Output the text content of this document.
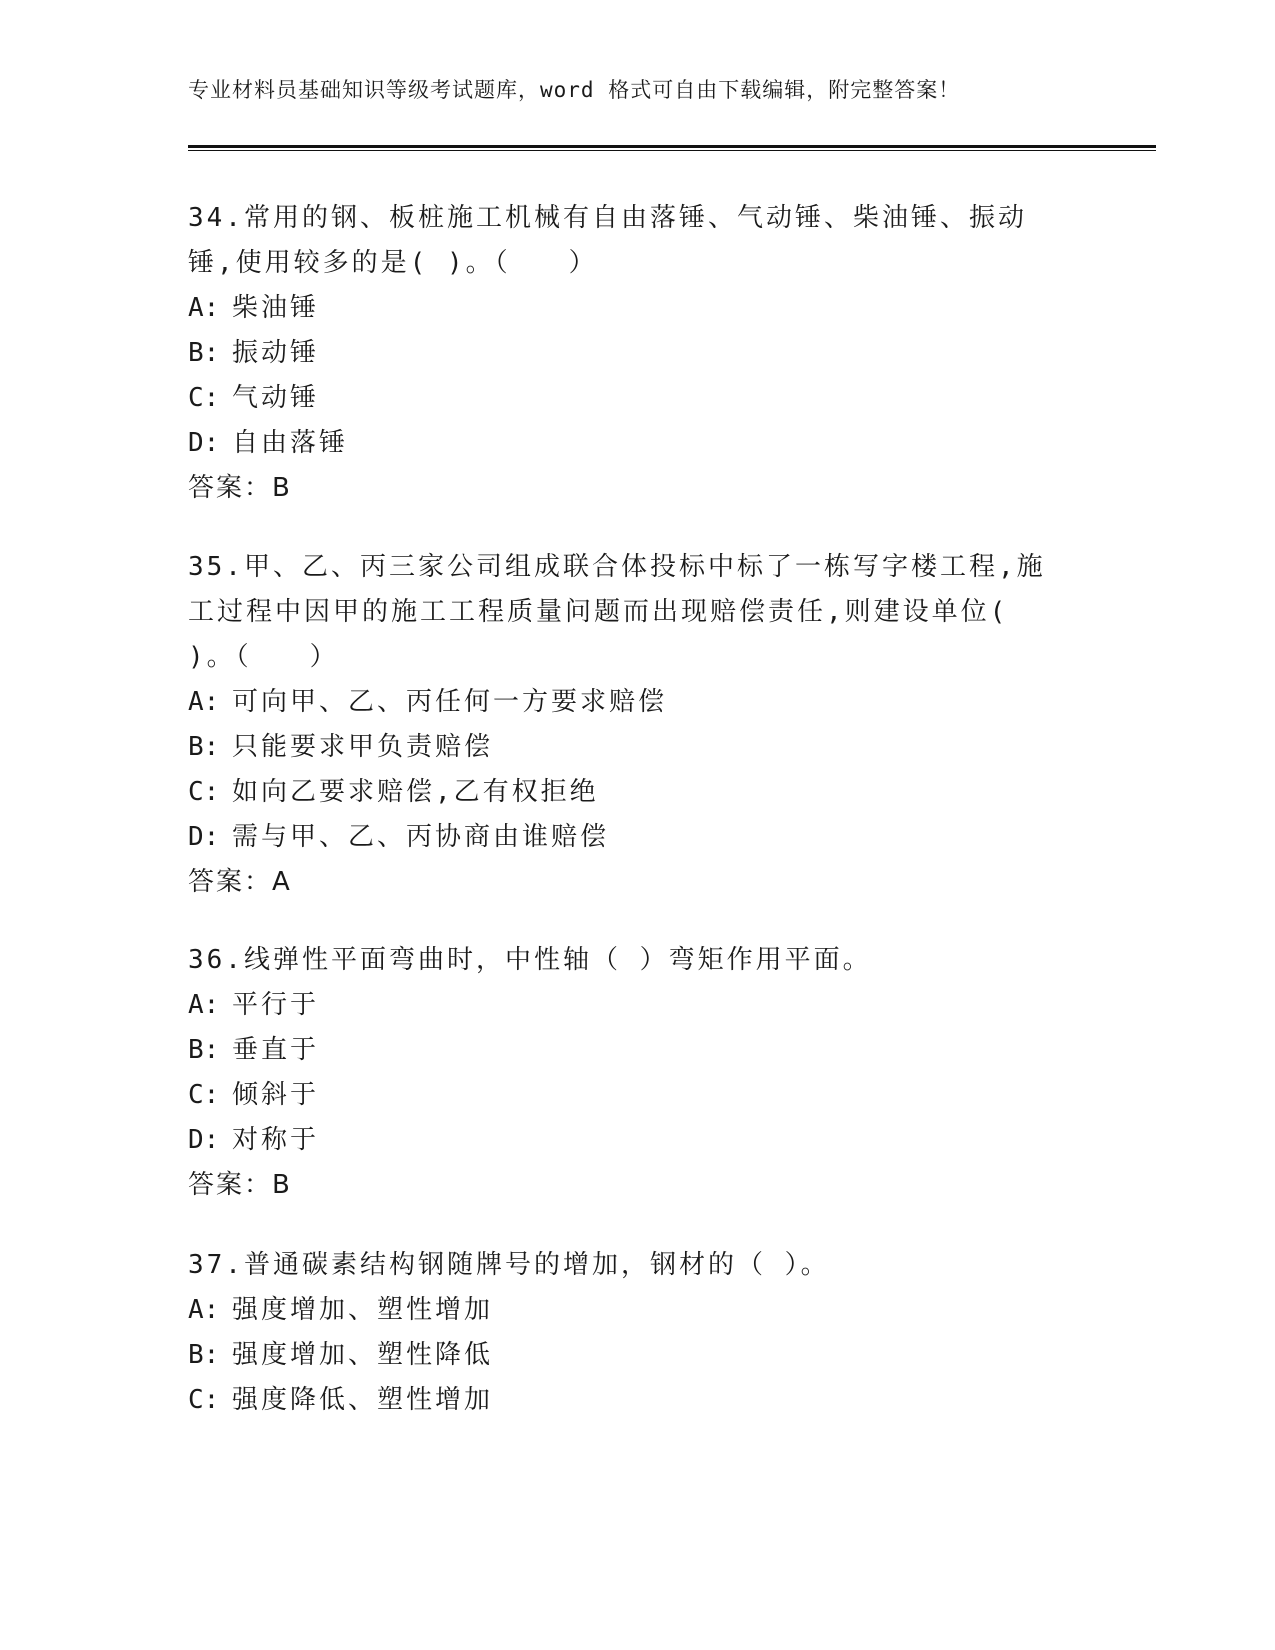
专业材料员基础知识等级考试题库，word 格式可自由下载编辑，附完整答案！

34.常用的钢、板桩施工机械有自由落锤、气动锤、柴油锤、振动锤,使用较多的是( )。（　　）

A: 柴油锤
B: 振动锤
C: 气动锤
D: 自由落锤
答案：B

35.甲、乙、丙三家公司组成联合体投标中标了一栋写字楼工程,施工过程中因甲的施工工程质量问题而出现赔偿责任,则建设单位( )。（　　）

A: 可向甲、乙、丙任何一方要求赔偿
B: 只能要求甲负责赔偿
C: 如向乙要求赔偿,乙有权拒绝
D: 需与甲、乙、丙协商由谁赔偿
答案：A

36.线弹性平面弯曲时，中性轴（ ）弯矩作用平面。

A: 平行于
B: 垂直于
C: 倾斜于
D: 对称于
答案：B

37.普通碳素结构钢随牌号的增加，钢材的（ ）。

A: 强度增加、塑性增加
B: 强度增加、塑性降低
C: 强度降低、塑性增加
